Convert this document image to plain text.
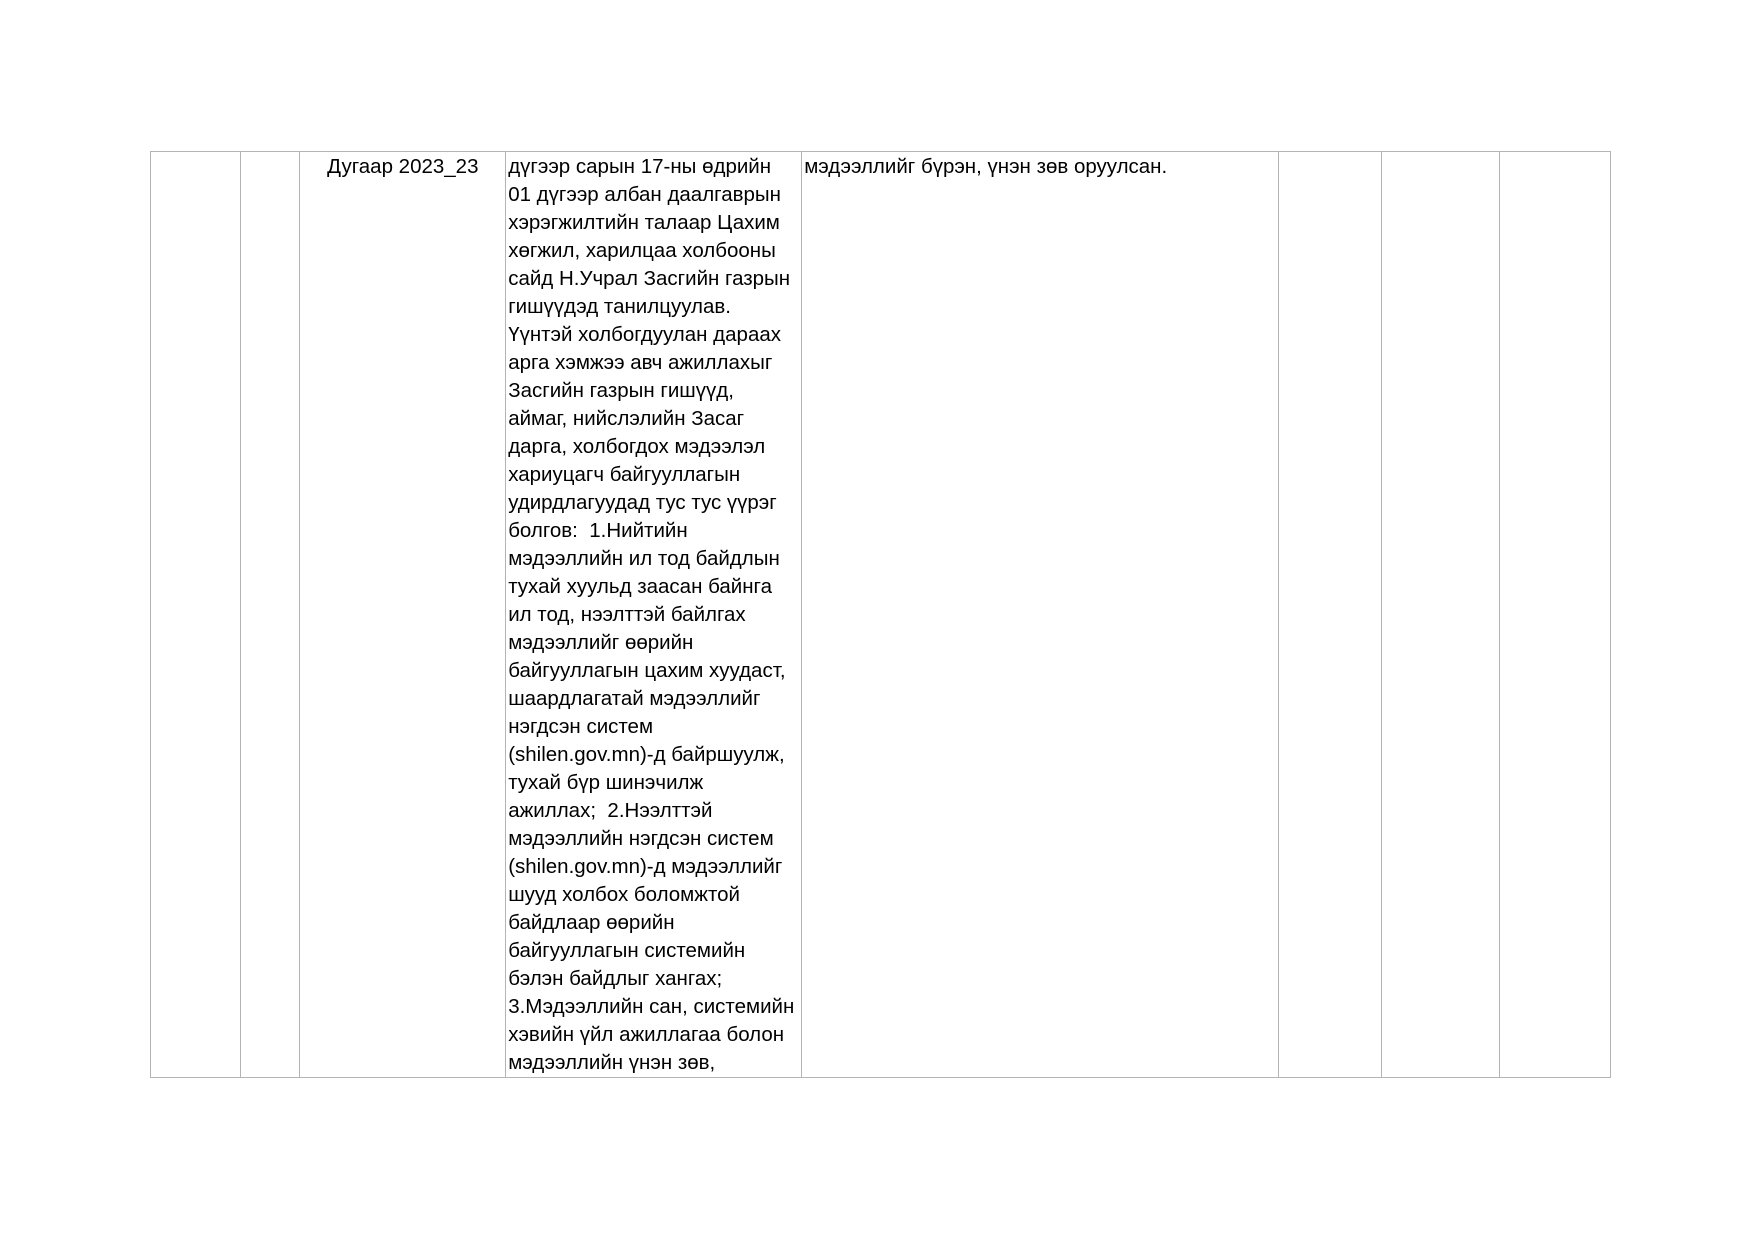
		Дугаар 2023_23	дүгээр сарын 17-ны өдрийн
01 дүгээр албан даалгаврын
хэрэгжилтийн талаар Цахим
хөгжил, харилцаа холбооны
сайд Н.Учрал Засгийн газрын
гишүүдэд танилцуулав.
Үүнтэй холбогдуулан дараах
арга хэмжээ авч ажиллахыг
Засгийн газрын гишүүд,
аймаг, нийслэлийн Засаг
дарга, холбогдох мэдээлэл
хариуцагч байгууллагын
удирдлагуудад тус тус үүрэг
болгов:  1.Нийтийн
мэдээллийн ил тод байдлын
тухай хуульд заасан байнга
ил тод, нээлттэй байлгах
мэдээллийг өөрийн
байгууллагын цахим хуудаст,
шаардлагатай мэдээллийг
нэгдсэн систем
(shilen.gov.mn)-д байршуулж,
тухай бүр шинэчилж
ажиллах;  2.Нээлттэй
мэдээллийн нэгдсэн систем
(shilen.gov.mn)-д мэдээллийг
шууд холбох боломжтой
байдлаар өөрийн
байгууллагын системийн
бэлэн байдлыг хангах;
3.Мэдээллийн сан, системийн
хэвийн үйл ажиллагаа болон
мэдээллийн үнэн зөв,
	мэдээллийг бүрэн, үнэн зөв оруулсан.			
